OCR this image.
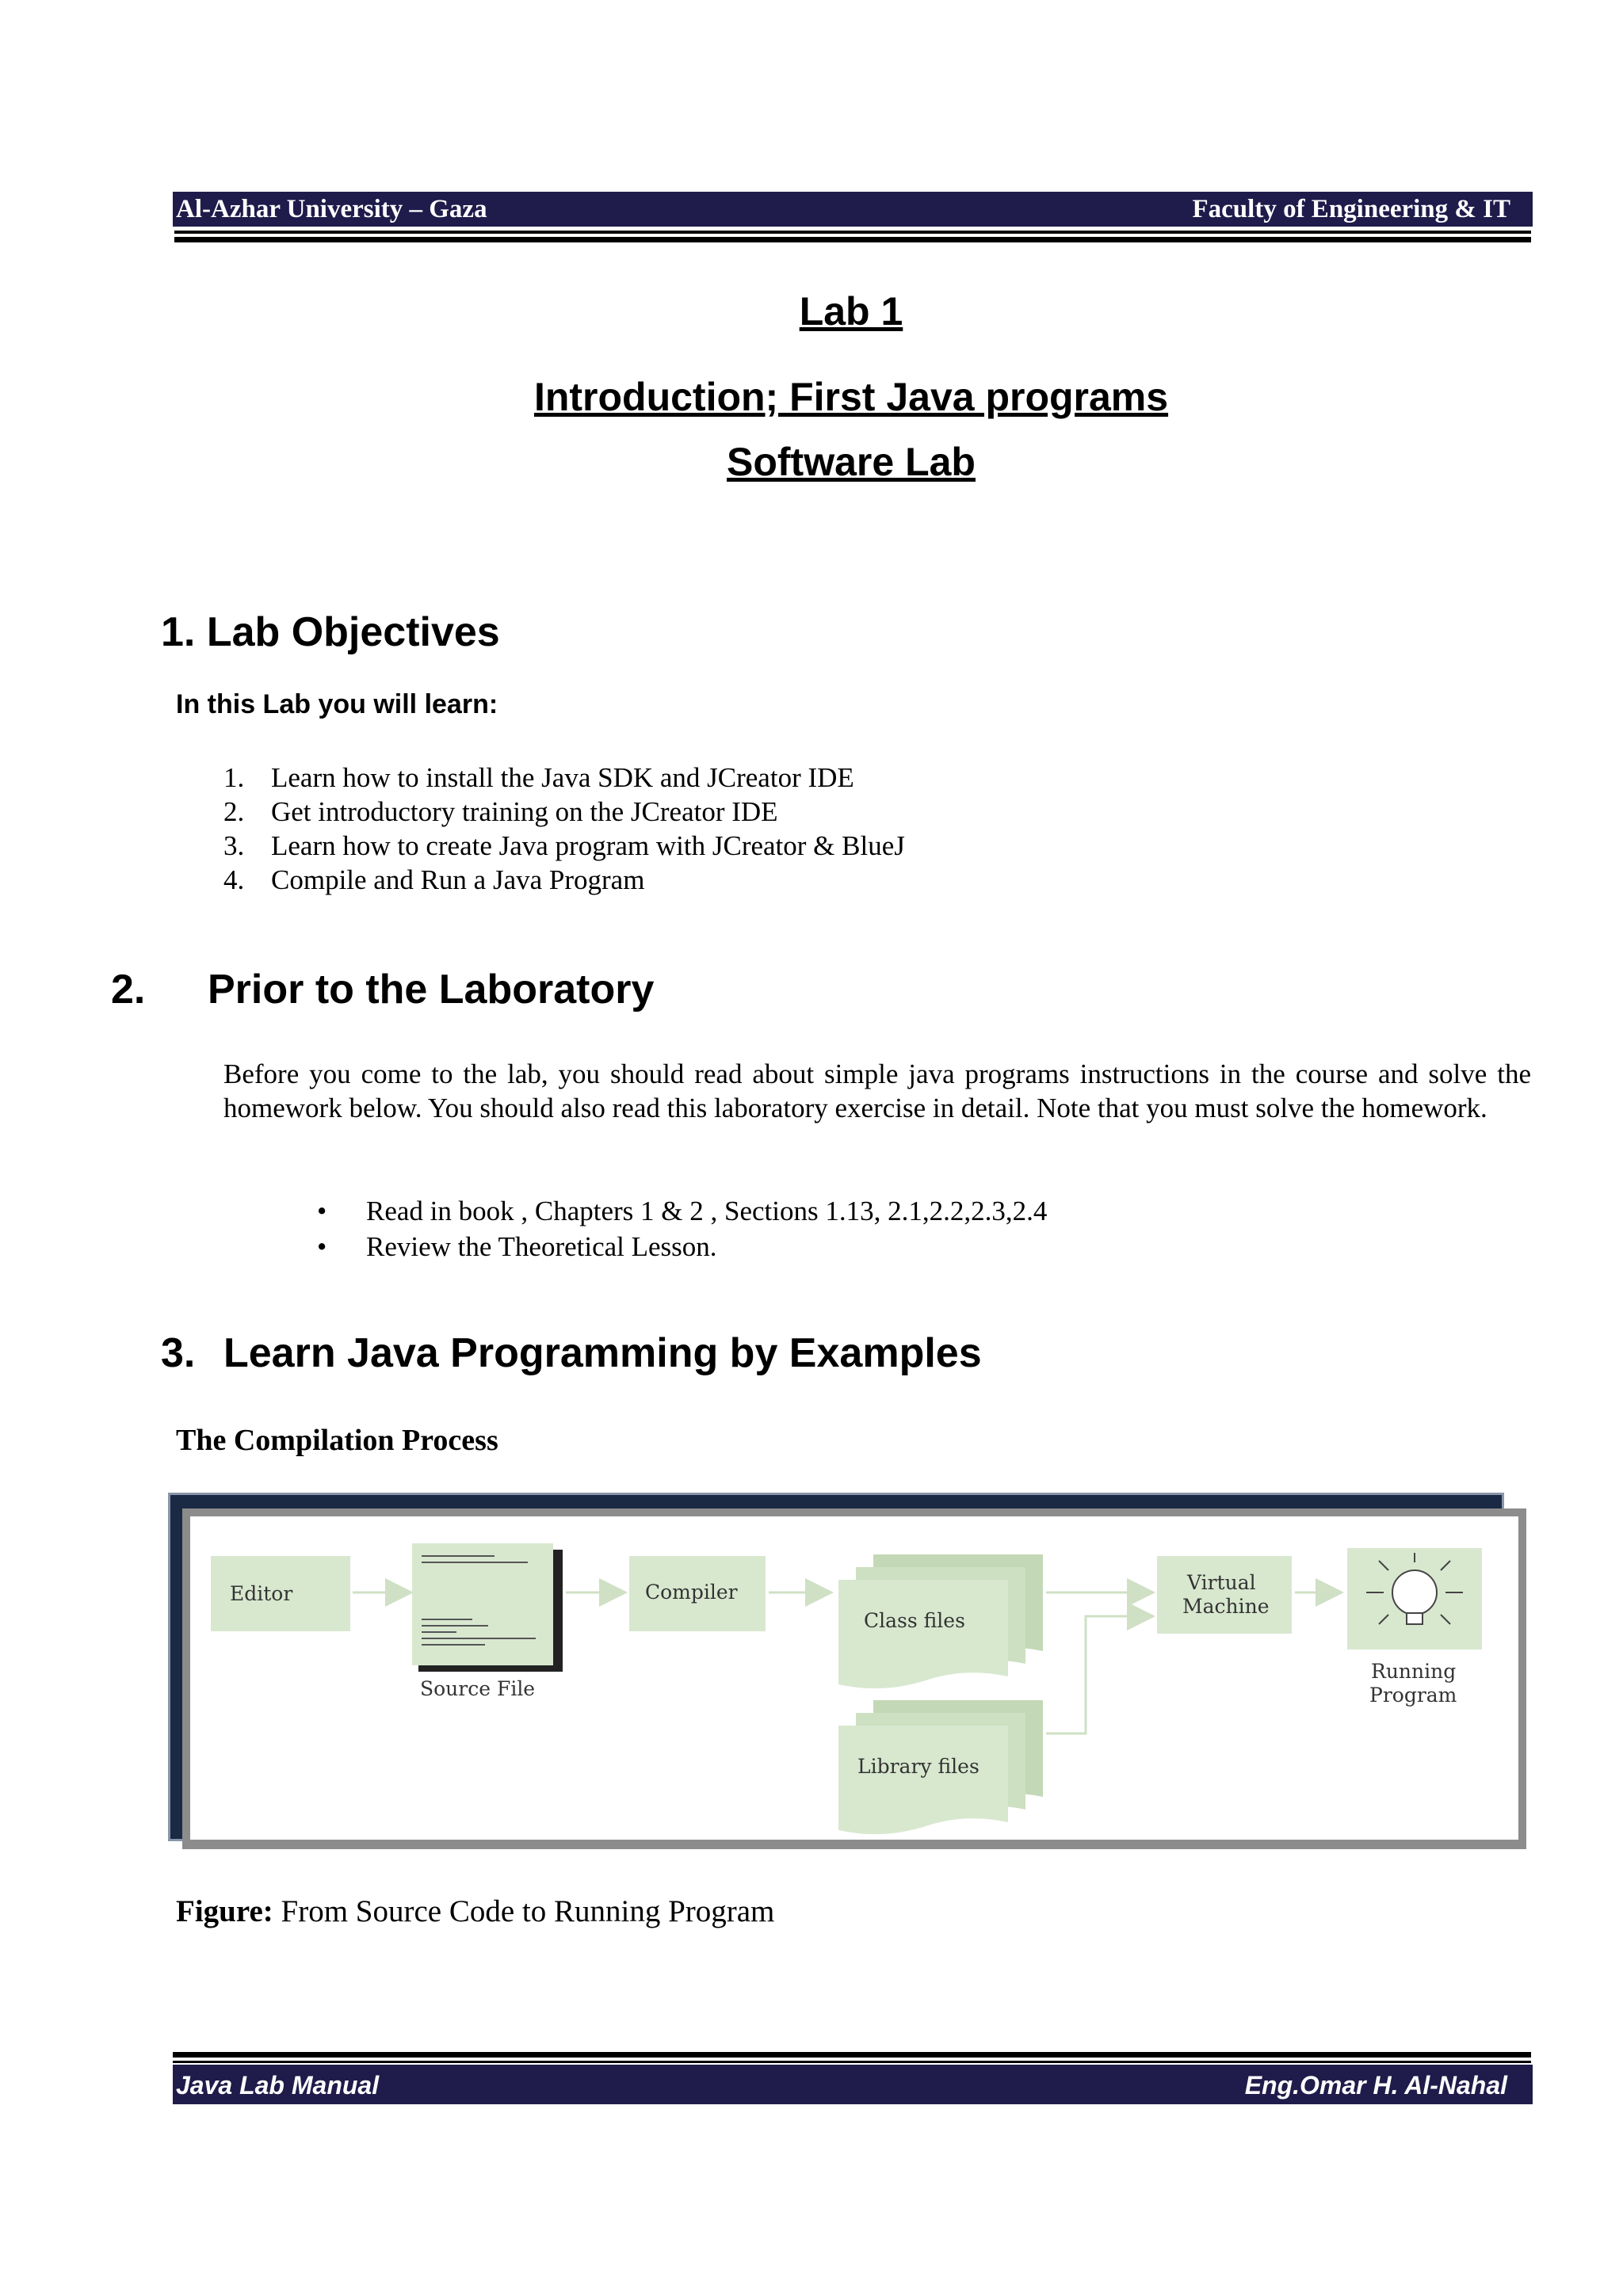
Al-Azhar University – Gaza	Faculty of Engineering & IT
Lab 1
Introduction; First Java programs
Software Lab
1. Lab Objectives
In this Lab you will learn:
1. Learn how to install the Java SDK and JCreator IDE
2. Get introductory training on the JCreator IDE
3. Learn how to create Java program with JCreator & BlueJ
4. Compile and Run a Java Program
2. Prior to the Laboratory
Before you come to the lab, you should read about simple java programs instructions in the course and solve the homework below. You should also read this laboratory exercise in detail. Note that you must solve the homework.
• Read in book , Chapters 1 & 2 , Sections 1.13, 2.1,2.2,2.3,2.4
• Review the Theoretical Lesson.
3. Learn Java Programming by Examples
The Compilation Process
Editor
Source File
Compiler
Class files
Library files
Virtual
Machine
Running
Program
Figure: From Source Code to Running Program
Java Lab Manual	Eng.Omar H. Al-Nahal
